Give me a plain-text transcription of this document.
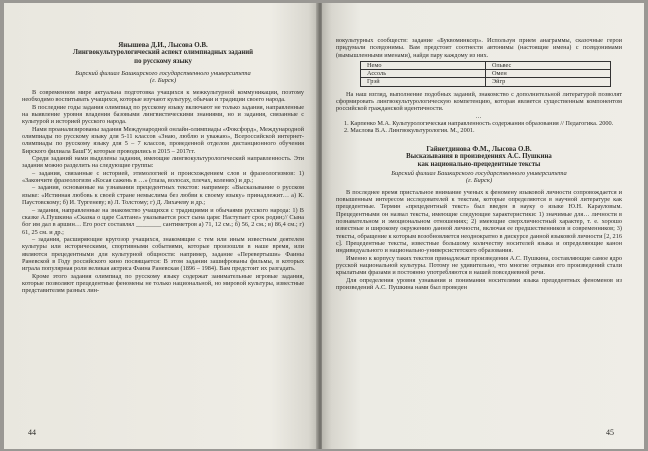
Янышева Д.И., Лысова О.В.

Лингвокультурологический аспект олимпиадных заданий

по русскому языку

Бирский филиал Башкирского государственного университета

(г. Бирск)

В современном мире актуальна подготовка учащихся к межкультурной коммуникации, поэтому необходимо воспитывать учащихся, которые изучают культуру, обычаи и традиции своего народа.

В последние годы задания олимпиад по русскому языку включают не только задания, направленные на выявление уровня владения базовыми лингвистическими знаниями, но и задания, связанные с культурой и историей русского народа.

Нами проанализированы задания Международной онлайн-олимпиады «Фоксфорд», Международной олимпиады по русскому языку для 5-11 классов «Знаю, люблю и уважаю», Всероссийской интернет-олимпиады по русскому языку для 5 – 7 классов, проведенной отделом дистанционного обучения Бирского филиала БашГУ, которые проводились в 2015 – 2017гг.

Среди заданий нами выделены задания, имеющие лингвокультурологический направленность. Эти задания можно разделить на следующие группы:

– задания, связанные с историей, этимологией и происхождением слов и фразеологизмов: 1) «Закончите фразеологизм «Косая сажень в …» (глаза, волосах, плечах, коленях) и др.;

– задания, основанные на узнавании прецедентных текстов: например: «Высказывание о русском языке: «Истинная любовь к своей стране немыслима без любви к своему языку» принадлежит… а) К. Паустовскому; б) И. Тургеневу; в) Л. Толстому; г) Д. Лихачеву и др.;

– задания, направленные на знакомство учащихся с традициями и обычаями русского народа: 1) В сказке А.Пушкина «Сказка о царе Салтане» указывается рост сына царя: Наступает срок родин;// Сына бог им дал в аршин… Его рост составлял ________ сантиметров а) 71, 12 см.; б) 56, 2 см.; в) 86,4 см.; г) 61, 25 см. и др.;

– задания, расширяющие кругозор учащихся, знакомящие с тем или иным известным деятелем культуры или историческими, спортивными событиями, которые произошли в наше время, или являются прецедентными для культурной общности: например, задание «Перевертыши» Фаины Раневской в Году российского кино посвящается: В этом задании зашифрованы фильмы, в которых играла популярная роли великая актриса Фаина Раневская (1896 – 1984). Вам предстоит их разгадать.

Кроме этого задания олимпиад по русскому языку содержат занимательные игровые задания, которые позволяют прецедентные феномены не только национальной, но мировой культуры, известные представителям разных лин-

44

вокультурных сообществ: задание «Буквоминксер». Используя прием анаграммы, сказочные герои придумали псевдонимы. Вам предстоит соотнести автонимы (настоящие имена) с псевдонимами (вымышленными именами), найдя пару каждому из них.

Немо	Ольвес
Ассоль	Омен
Грэй	Эйгр

На наш взгляд, выполнение подобных заданий, знакомство с дополнительной литературой позволят сформировать лингвокультурологическую компетенцию, которая является существенным компонентом российской гражданской идентичности.

…

1. Карпенко М.А. Культурологическая направленность содержания образования // Педагогика. 2000.

2. Маслова В.А. Лингвокультурология. М., 2001.

Гайнетдинова Ф.М., Лысова О.В.

Высказывания в произведениях А.С. Пушкина

как национально-прецедентные тексты

Бирский филиал Башкирского государственного университета

(г. Бирск)

В последнее время пристальное внимание ученых к феномену языковой личности сопровождается и повышенным интересом исследователей к текстам, которые определяются в научной литературе как прецедентные. Термин «прецедентный текст» был введен в науку о языке Ю.Н. Карауловым. Прецедентными он назвал тексты, имеющие следующие характеристики: 1) значимые для… личности в познавательном и эмоциональном отношениях; 2) имеющие сверхличностный характер, т. е. хорошо известные и широкому окружению данной личности, включая ее предшественников и современников; 3) тексты, обращение к которым возобновляется неоднократно в дискурсе данной языковой личности [2, 216 с]. Прецедентные тексты, известные большому количеству носителей языка и определяющие канон индивидуального и национально-универсистетского образования.

Именно к корпусу таких текстов принадлежат произведения А.С. Пушкина, составляющие самое ядро русской национальной культуры. Потому не удивительно, что многие отрывки его произведений стали крылатыми фразами и постоянно употребляются в нашей повседневной речи.

Для определения уровня узнавания и понимания носителями языка прецедентных феноменов из произведений А.С. Пушкина нами был проведен

45
